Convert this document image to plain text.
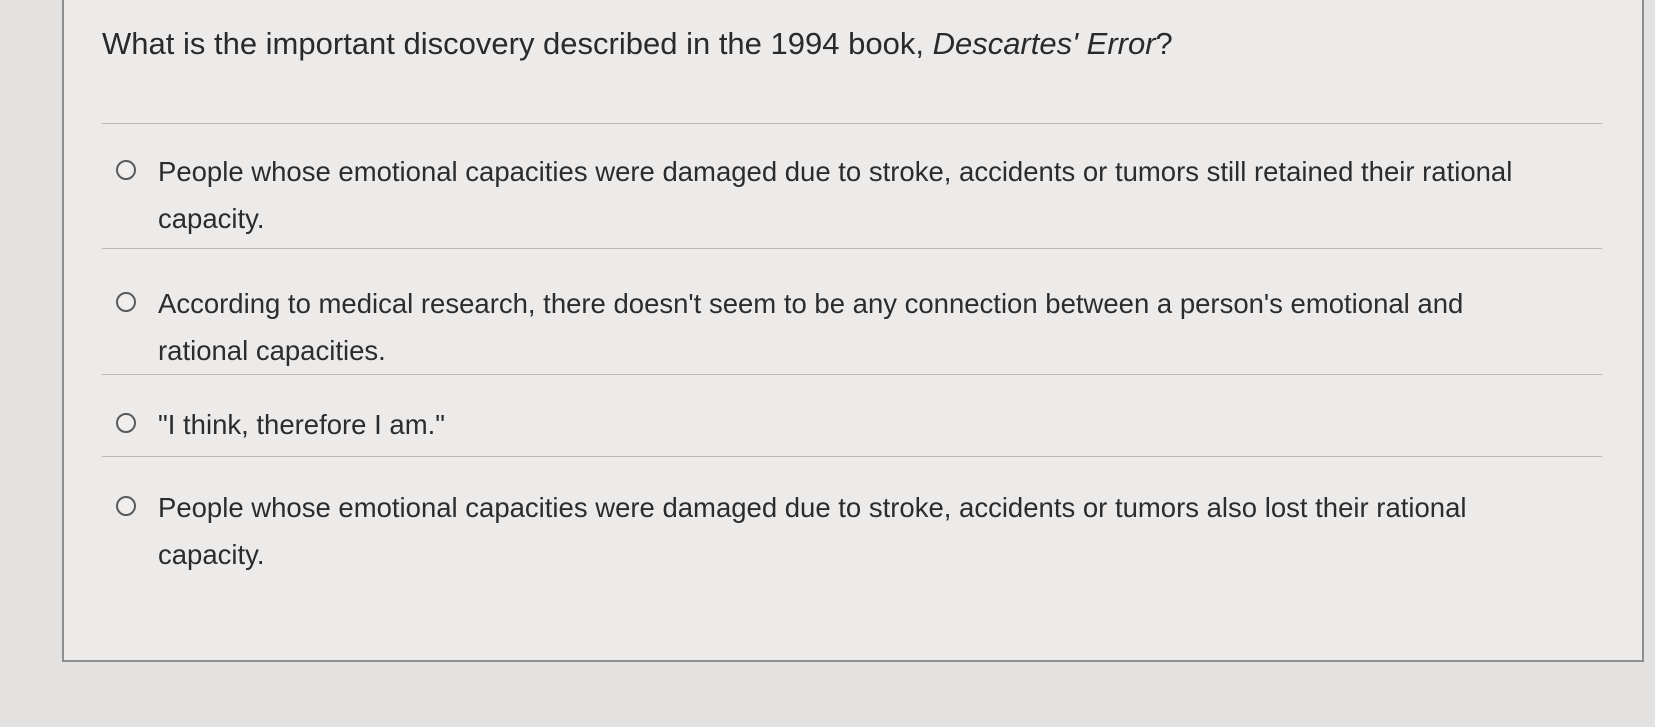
What is the important discovery described in the 1994 book, Descartes' Error?
People whose emotional capacities were damaged due to stroke, accidents or tumors still retained their rational capacity.
According to medical research, there doesn't seem to be any connection between a person's emotional and rational capacities.
"I think, therefore I am."
People whose emotional capacities were damaged due to stroke, accidents or tumors also lost their rational capacity.
